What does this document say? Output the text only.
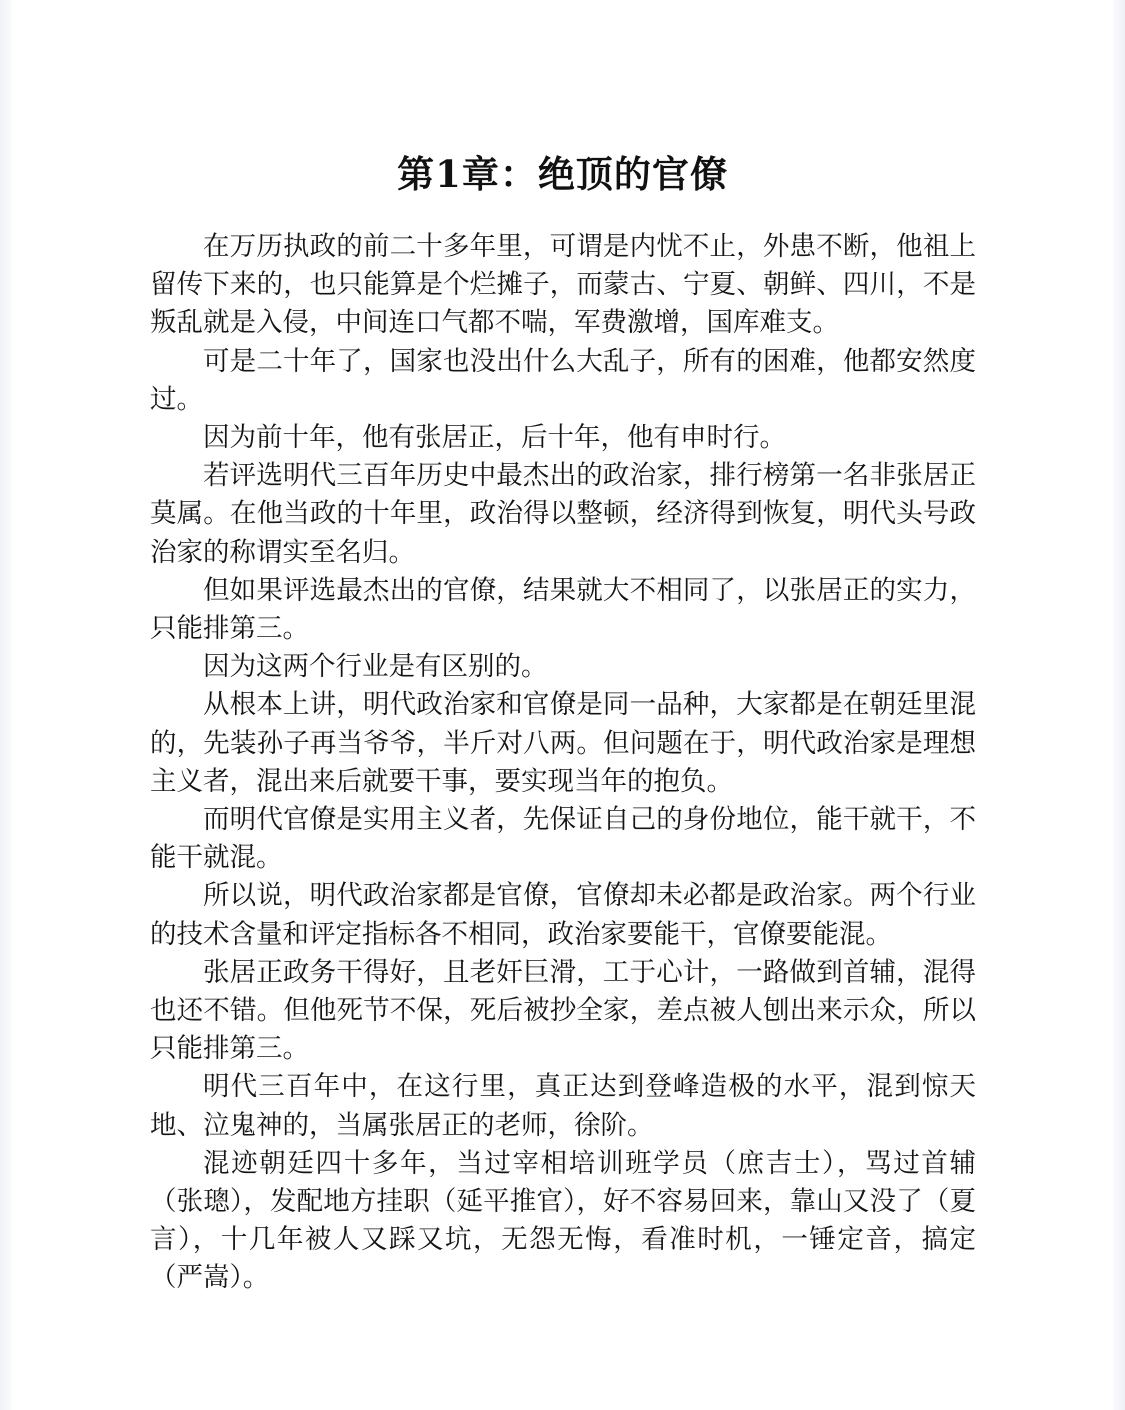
第1章：绝顶的官僚

在万历执政的前二十多年里，可谓是内忧不止，外患不断，他祖上留传下来的，也只能算是个烂摊子，而蒙古、宁夏、朝鲜、四川，不是叛乱就是入侵，中间连口气都不喘，军费激增，国库难支。

可是二十年了，国家也没出什么大乱子，所有的困难，他都安然度过。

因为前十年，他有张居正，后十年，他有申时行。

若评选明代三百年历史中最杰出的政治家，排行榜第一名非张居正莫属。在他当政的十年里，政治得以整顿，经济得到恢复，明代头号政治家的称谓实至名归。

但如果评选最杰出的官僚，结果就大不相同了，以张居正的实力，只能排第三。

因为这两个行业是有区别的。

从根本上讲，明代政治家和官僚是同一品种，大家都是在朝廷里混的，先装孙子再当爷爷，半斤对八两。但问题在于，明代政治家是理想主义者，混出来后就要干事，要实现当年的抱负。

而明代官僚是实用主义者，先保证自己的身份地位，能干就干，不能干就混。

所以说，明代政治家都是官僚，官僚却未必都是政治家。两个行业的技术含量和评定指标各不相同，政治家要能干，官僚要能混。

张居正政务干得好，且老奸巨滑，工于心计，一路做到首辅，混得也还不错。但他死节不保，死后被抄全家，差点被人刨出来示众，所以只能排第三。

明代三百年中，在这行里，真正达到登峰造极的水平，混到惊天地、泣鬼神的，当属张居正的老师，徐阶。

混迹朝廷四十多年，当过宰相培训班学员（庶吉士），骂过首辅（张璁），发配地方挂职（延平推官），好不容易回来，靠山又没了（夏言），十几年被人又踩又坑，无怨无悔，看准时机，一锤定音，搞定（严嵩）。
